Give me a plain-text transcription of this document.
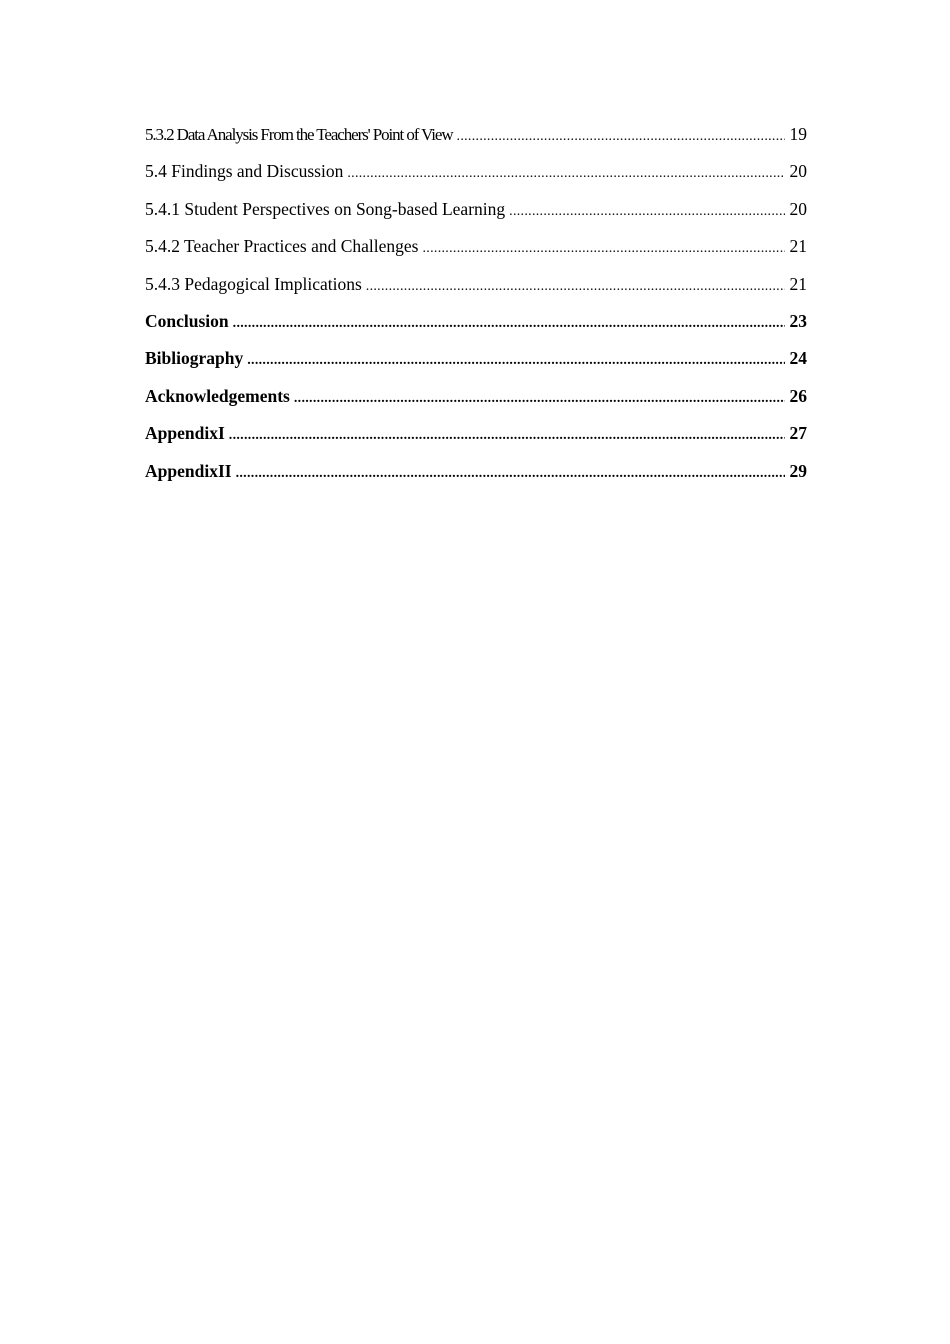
5.3.2 Data Analysis From the Teachers' Point of View .....	19
5.4 Findings and Discussion .....	20
5.4.1 Student Perspectives on Song-based Learning .....	20
5.4.2 Teacher Practices and Challenges .....	21
5.4.3 Pedagogical Implications .....	21
Conclusion .....	23
Bibliography .....	24
Acknowledgements .....	26
AppendixI .....	27
AppendixII .....	29
